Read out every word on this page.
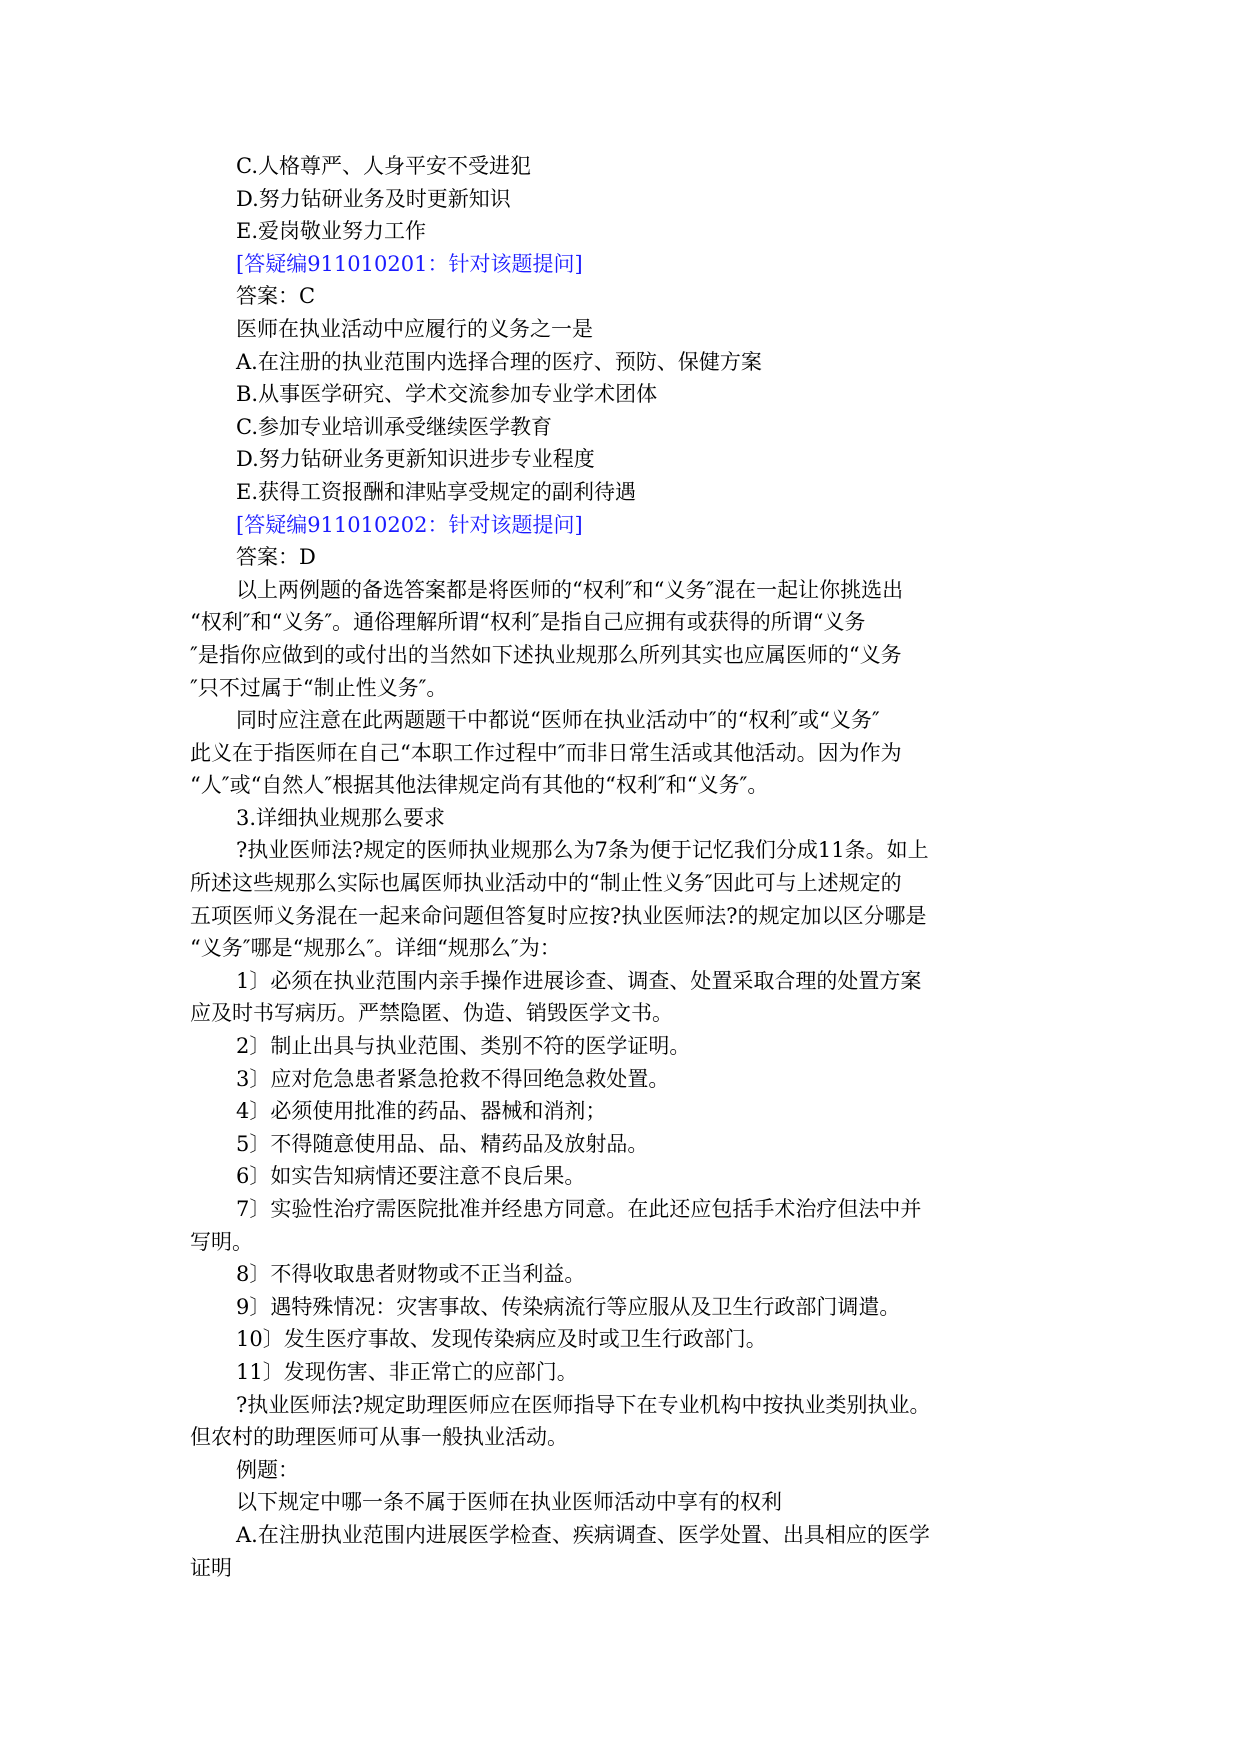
C.人格尊严、人身平安不受进犯
D.努力钻研业务及时更新知识
E.爱岗敬业努力工作
[答疑编911010201：针对该题提问]
答案：C
医师在执业活动中应履行的义务之一是
A.在注册的执业范围内选择合理的医疗、预防、保健方案
B.从事医学研究、学术交流参加专业学术团体
C.参加专业培训承受继续医学教育
D.努力钻研业务更新知识进步专业程度
E.获得工资报酬和津贴享受规定的副利待遇
[答疑编911010202：针对该题提问]
答案：D
以上两例题的备选答案都是将医师的“权利″和“义务″混在一起让你挑选出
“权利″和“义务″。通俗理解所谓“权利″是指自己应拥有或获得的所谓“义务
″是指你应做到的或付出的当然如下述执业规那么所列其实也应属医师的“义务
″只不过属于“制止性义务″。
同时应注意在此两题题干中都说“医师在执业活动中″的“权利″或“义务″
此义在于指医师在自己“本职工作过程中″而非日常生活或其他活动。因为作为
“人″或“自然人″根据其他法律规定尚有其他的“权利″和“义务″。
3.详细执业规那么要求
?执业医师法?规定的医师执业规那么为7条为便于记忆我们分成11条。如上
所述这些规那么实际也属医师执业活动中的“制止性义务″因此可与上述规定的
五项医师义务混在一起来命问题但答复时应按?执业医师法?的规定加以区分哪是
“义务″哪是“规那么″。详细“规那么″为：
1〕必须在执业范围内亲手操作进展诊查、调查、处置采取合理的处置方案
应及时书写病历。严禁隐匿、伪造、销毁医学文书。
2〕制止出具与执业范围、类别不符的医学证明。
3〕应对危急患者紧急抢救不得回绝急救处置。
4〕必须使用批准的药品、器械和消剂；
5〕不得随意使用品、品、精药品及放射品。
6〕如实告知病情还要注意不良后果。
7〕实验性治疗需医院批准并经患方同意。在此还应包括手术治疗但法中并
写明。
8〕不得收取患者财物或不正当利益。
9〕遇特殊情况：灾害事故、传染病流行等应服从及卫生行政部门调遣。
10〕发生医疗事故、发现传染病应及时或卫生行政部门。
11〕发现伤害、非正常亡的应部门。
?执业医师法?规定助理医师应在医师指导下在专业机构中按执业类别执业。
但农村的助理医师可从事一般执业活动。
例题：
以下规定中哪一条不属于医师在执业医师活动中享有的权利
A.在注册执业范围内进展医学检查、疾病调查、医学处置、出具相应的医学
证明
